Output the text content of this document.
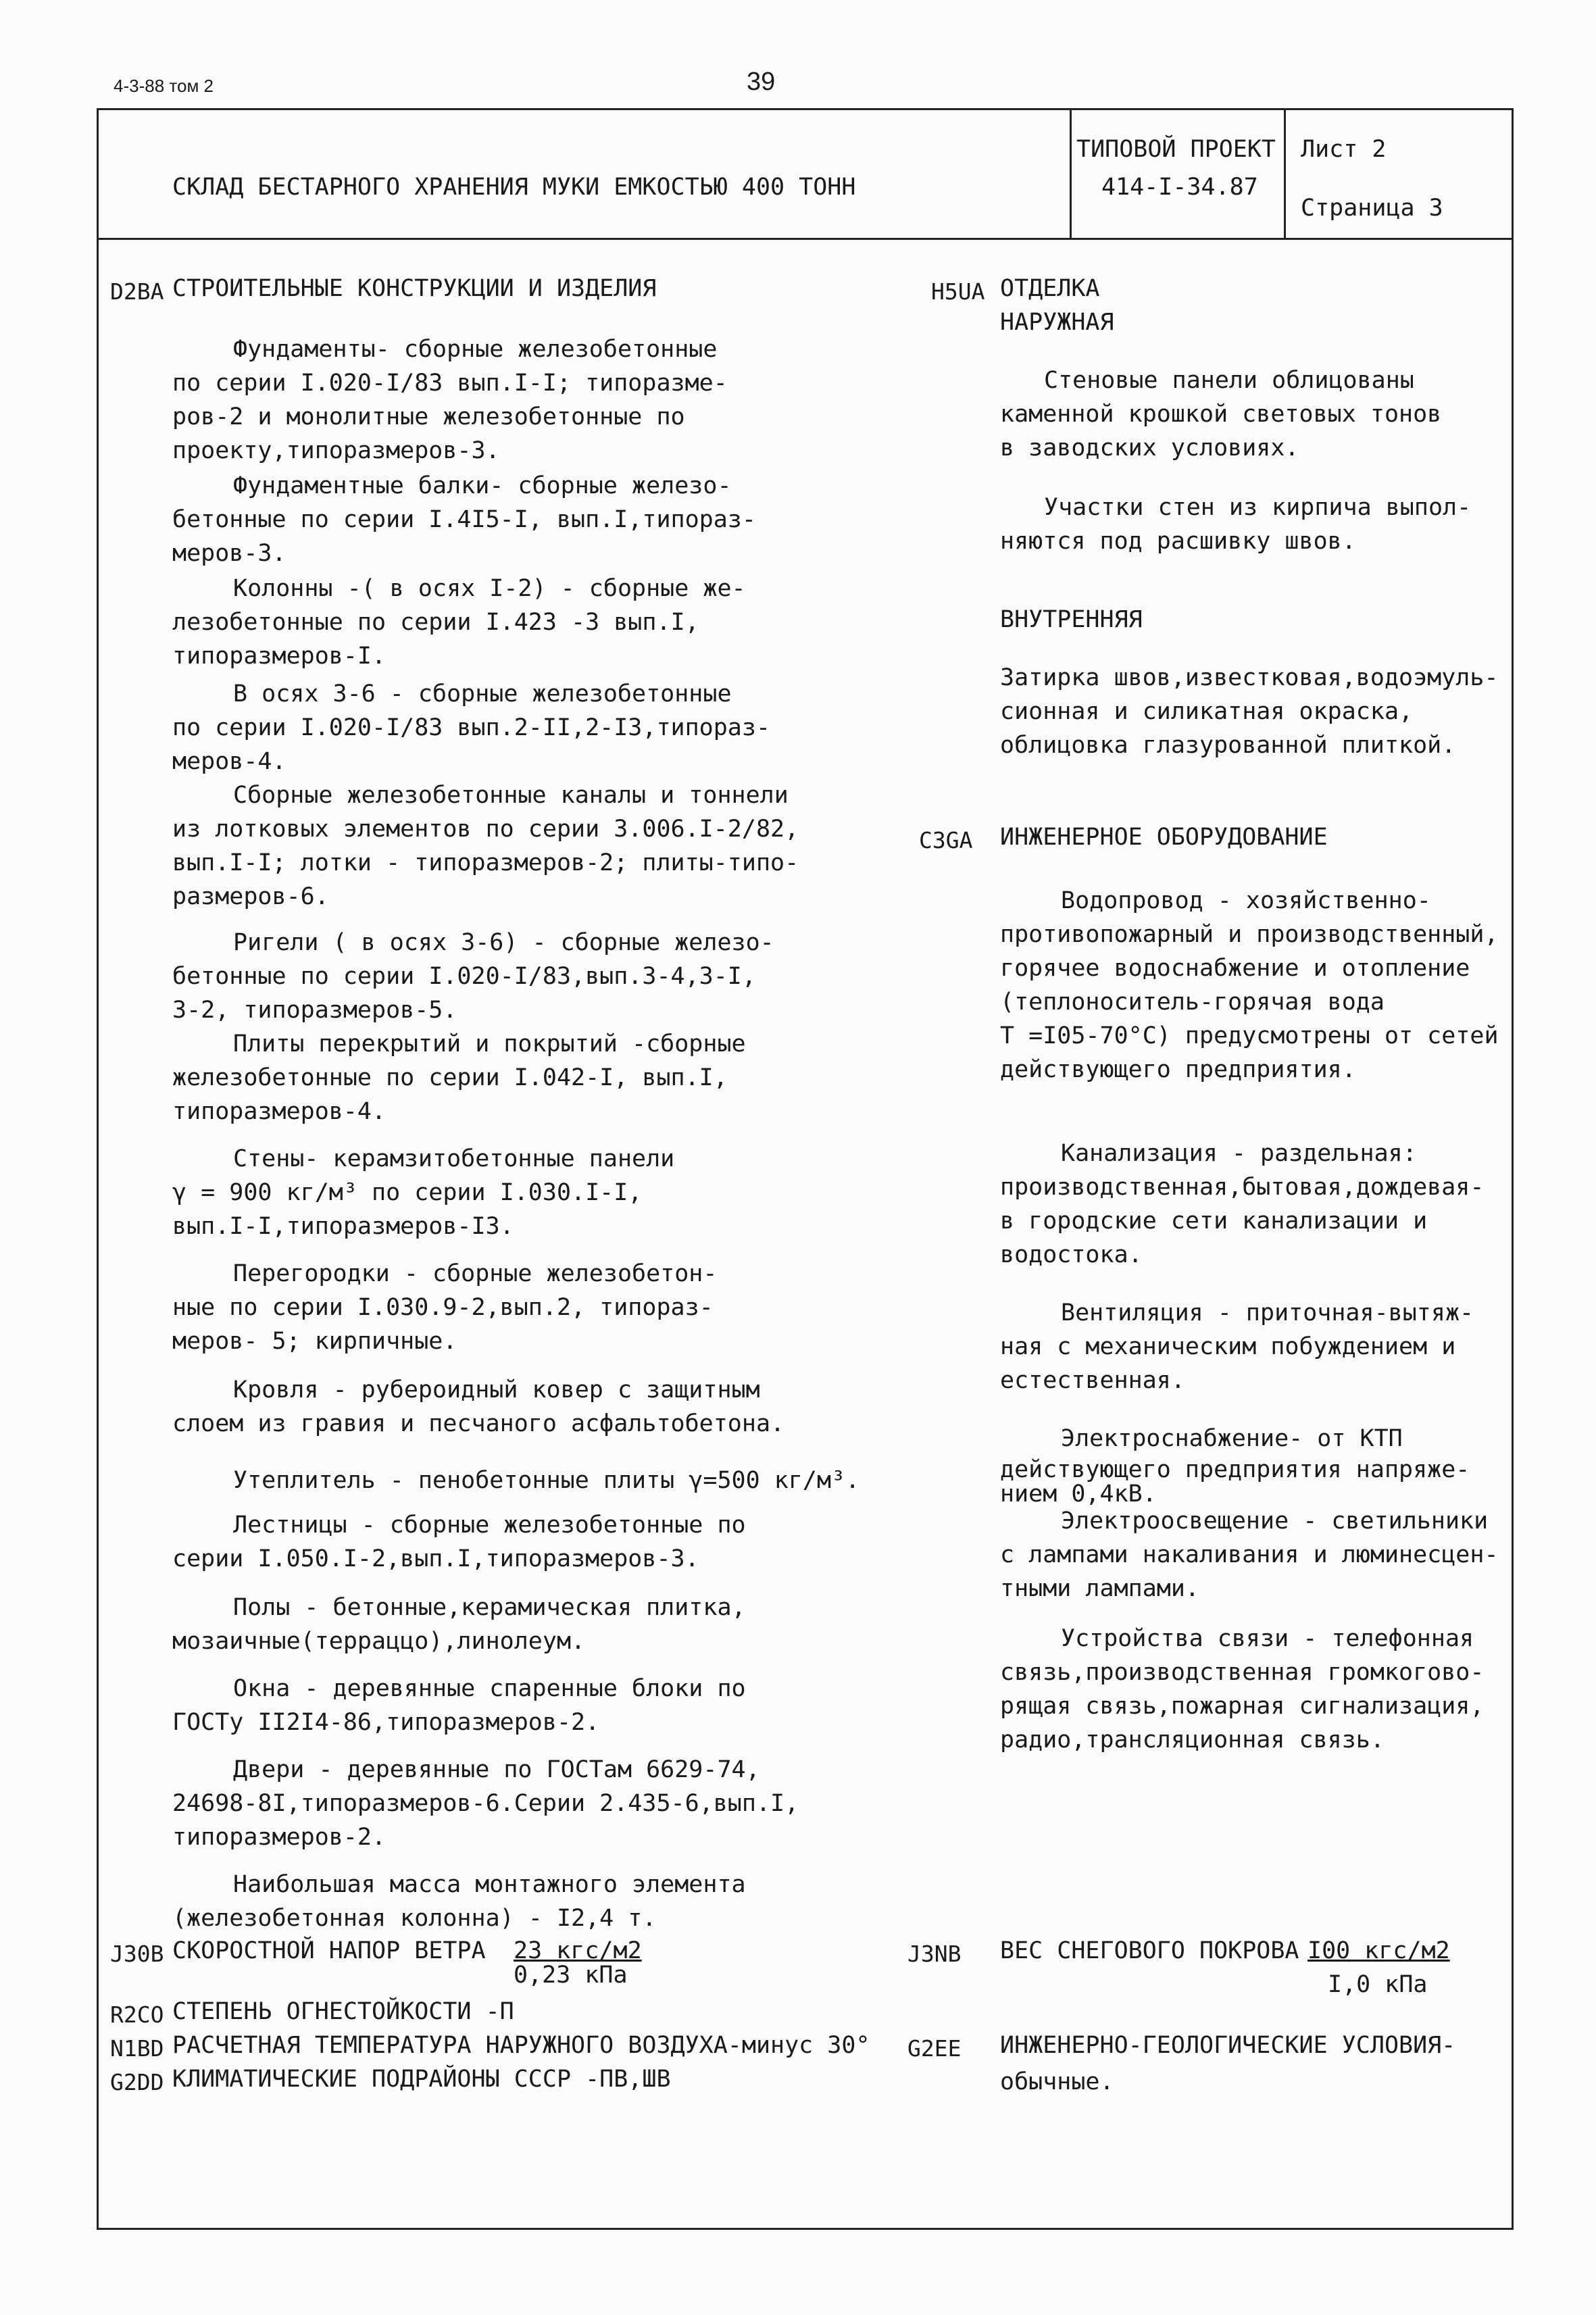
4-3-88 том 2	39
СКЛАД БЕСТАРНОГО ХРАНЕНИЯ МУКИ ЕМКОСТЬЮ 400 ТОНН
ТИПОВОЙ ПРОЕКТ
414-I-34.87
Лист 2
Страница 3
D2BA СТРОИТЕЛЬНЫЕ КОНСТРУКЦИИ И ИЗДЕЛИЯ
Фундаменты- сборные железобетонные
по серии I.020-I/83 вып.I-I; типоразме-
ров-2 и монолитные железобетонные по
проекту,типоразмеров-3.
Фундаментные балки- сборные железо-
бетонные по серии I.4I5-I, вып.I,типораз-
меров-3.
Колонны -( в осях I-2) - сборные же-
лезобетонные по серии I.423 -3 вып.I,
типоразмеров-I.
В осях 3-6 - сборные железобетонные
по серии I.020-I/83 вып.2-II,2-I3,типораз-
меров-4.
Сборные железобетонные каналы и тоннели
из лотковых элементов по серии 3.006.I-2/82,
вып.I-I; лотки - типоразмеров-2; плиты-типо-
размеров-6.
Ригели ( в осях 3-6) - сборные железо-
бетонные по серии I.020-I/83,вып.3-4,3-I,
3-2, типоразмеров-5.
Плиты перекрытий и покрытий -сборные
железобетонные по серии I.042-I, вып.I,
типоразмеров-4.
Стены- керамзитобетонные панели
γ = 900 кг/м³ по серии I.030.I-I,
вып.I-I,типоразмеров-I3.
Перегородки - сборные железобетон-
ные по серии I.030.9-2,вып.2, типораз-
меров- 5; кирпичные.
Кровля - рубероидный ковер с защитным
слоем из гравия и песчаного асфальтобетона.
Утеплитель - пенобетонные плиты γ=500 кг/м³.
Лестницы - сборные железобетонные по
серии I.050.I-2,вып.I,типоразмеров-3.
Полы - бетонные,керамическая плитка,
мозаичные(терраццо),линолеум.
Окна - деревянные спаренные блоки по
ГОСТу II2I4-86,типоразмеров-2.
Двери - деревянные по ГОСТам 6629-74,
24698-8I,типоразмеров-6.Серии 2.435-6,вып.I,
типоразмеров-2.
Наибольшая масса монтажного элемента
(железобетонная колонна) - I2,4 т.
H5UA ОТДЕЛКА
НАРУЖНАЯ
Стеновые панели облицованы
каменной крошкой световых тонов
в заводских условиях.
Участки стен из кирпича выпол-
няются под расшивку швов.
ВНУТРЕННЯЯ
Затирка швов,известковая,водоэмуль-
сионная и силикатная окраска,
облицовка глазурованной плиткой.
C3GA ИНЖЕНЕРНОЕ ОБОРУДОВАНИЕ
Водопровод - хозяйственно-
противопожарный и производственный,
горячее водоснабжение и отопление
(теплоноситель-горячая вода
Т =I05-70°С) предусмотрены от сетей
действующего предприятия.
Канализация - раздельная:
производственная,бытовая,дождевая-
в городские сети канализации и
водостока.
Вентиляция - приточная-вытяж-
ная с механическим побуждением и
естественная.
Электроснабжение- от КТП
действующего предприятия напряже-
нием 0,4кВ.
Электроосвещение - светильники
с лампами накаливания и люминесцен-
тными лампами.
Устройства связи - телефонная
связь,производственная громкогово-
рящая связь,пожарная сигнализация,
радио,трансляционная связь.
J30B СКОРОСТНОЙ НАПОР ВЕТРА 23 кгс/м2
0,23 кПа
R2CO СТЕПЕНЬ ОГНЕСТОЙКОСТИ -П
N1BD РАСЧЕТНАЯ ТЕМПЕРАТУРА НАРУЖНОГО ВОЗДУХА-минус 30°
G2DD КЛИМАТИЧЕСКИЕ ПОДРАЙОНЫ СССР -ПВ,ШВ
J3NB ВЕС СНЕГОВОГО ПОКРОВА I00 кгс/м2
I,0 кПа
G2EE ИНЖЕНЕРНО-ГЕОЛОГИЧЕСКИЕ УСЛОВИЯ-
обычные.
